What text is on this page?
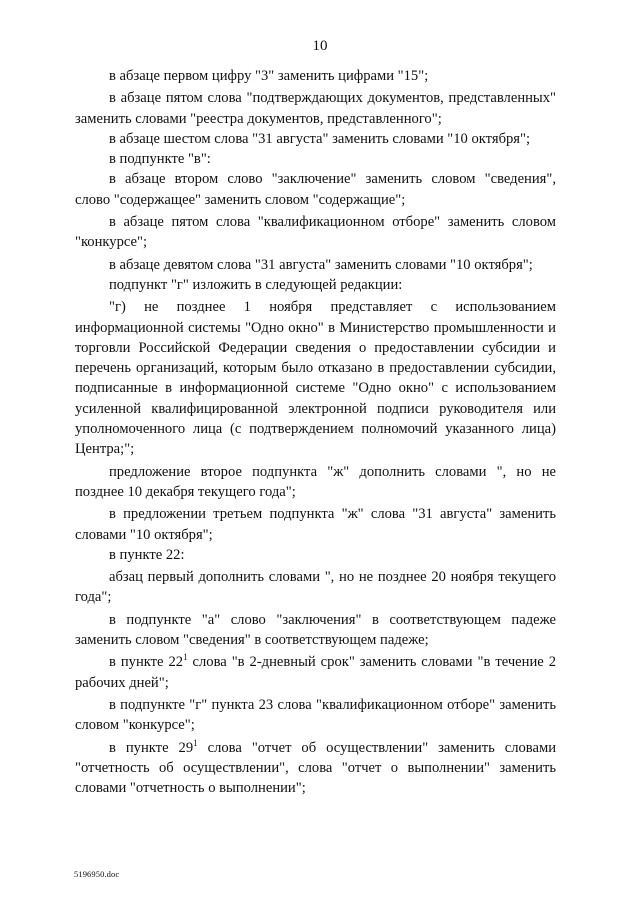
10

в абзаце первом цифру "3" заменить цифрами "15";

в абзаце пятом слова "подтверждающих документов, представленных" заменить словами "реестра документов, представленного";

в абзаце шестом слова "31 августа" заменить словами "10 октября";

в подпункте "в":

в абзаце втором слово "заключение" заменить словом "сведения", слово "содержащее" заменить словом "содержащие";

в абзаце пятом слова "квалификационном отборе" заменить словом "конкурсе";

в абзаце девятом слова "31 августа" заменить словами "10 октября";

подпункт "г" изложить в следующей редакции:

"г) не позднее 1 ноября представляет с использованием информационной системы "Одно окно" в Министерство промышленности и торговли Российской Федерации сведения о предоставлении субсидии и перечень организаций, которым было отказано в предоставлении субсидии, подписанные в информационной системе "Одно окно" с использованием усиленной квалифицированной электронной подписи руководителя или уполномоченного лица (с подтверждением полномочий указанного лица) Центра;";

предложение второе подпункта "ж" дополнить словами ", но не позднее 10 декабря текущего года";

в предложении третьем подпункта "ж" слова "31 августа" заменить словами "10 октября";

в пункте 22:

абзац первый дополнить словами ", но не позднее 20 ноября текущего года";

в подпункте "а" слово "заключения" в соответствующем падеже заменить словом "сведения" в соответствующем падеже;

в пункте $22^1$ слова "в 2-дневный срок" заменить словами "в течение 2 рабочих дней";

в подпункте "г" пункта 23 слова "квалификационном отборе" заменить словом "конкурсе";

в пункте $29^1$ слова "отчет об осуществлении" заменить словами "отчетность об осуществлении", слова "отчет о выполнении" заменить словами "отчетность о выполнении";

5196950.doc
